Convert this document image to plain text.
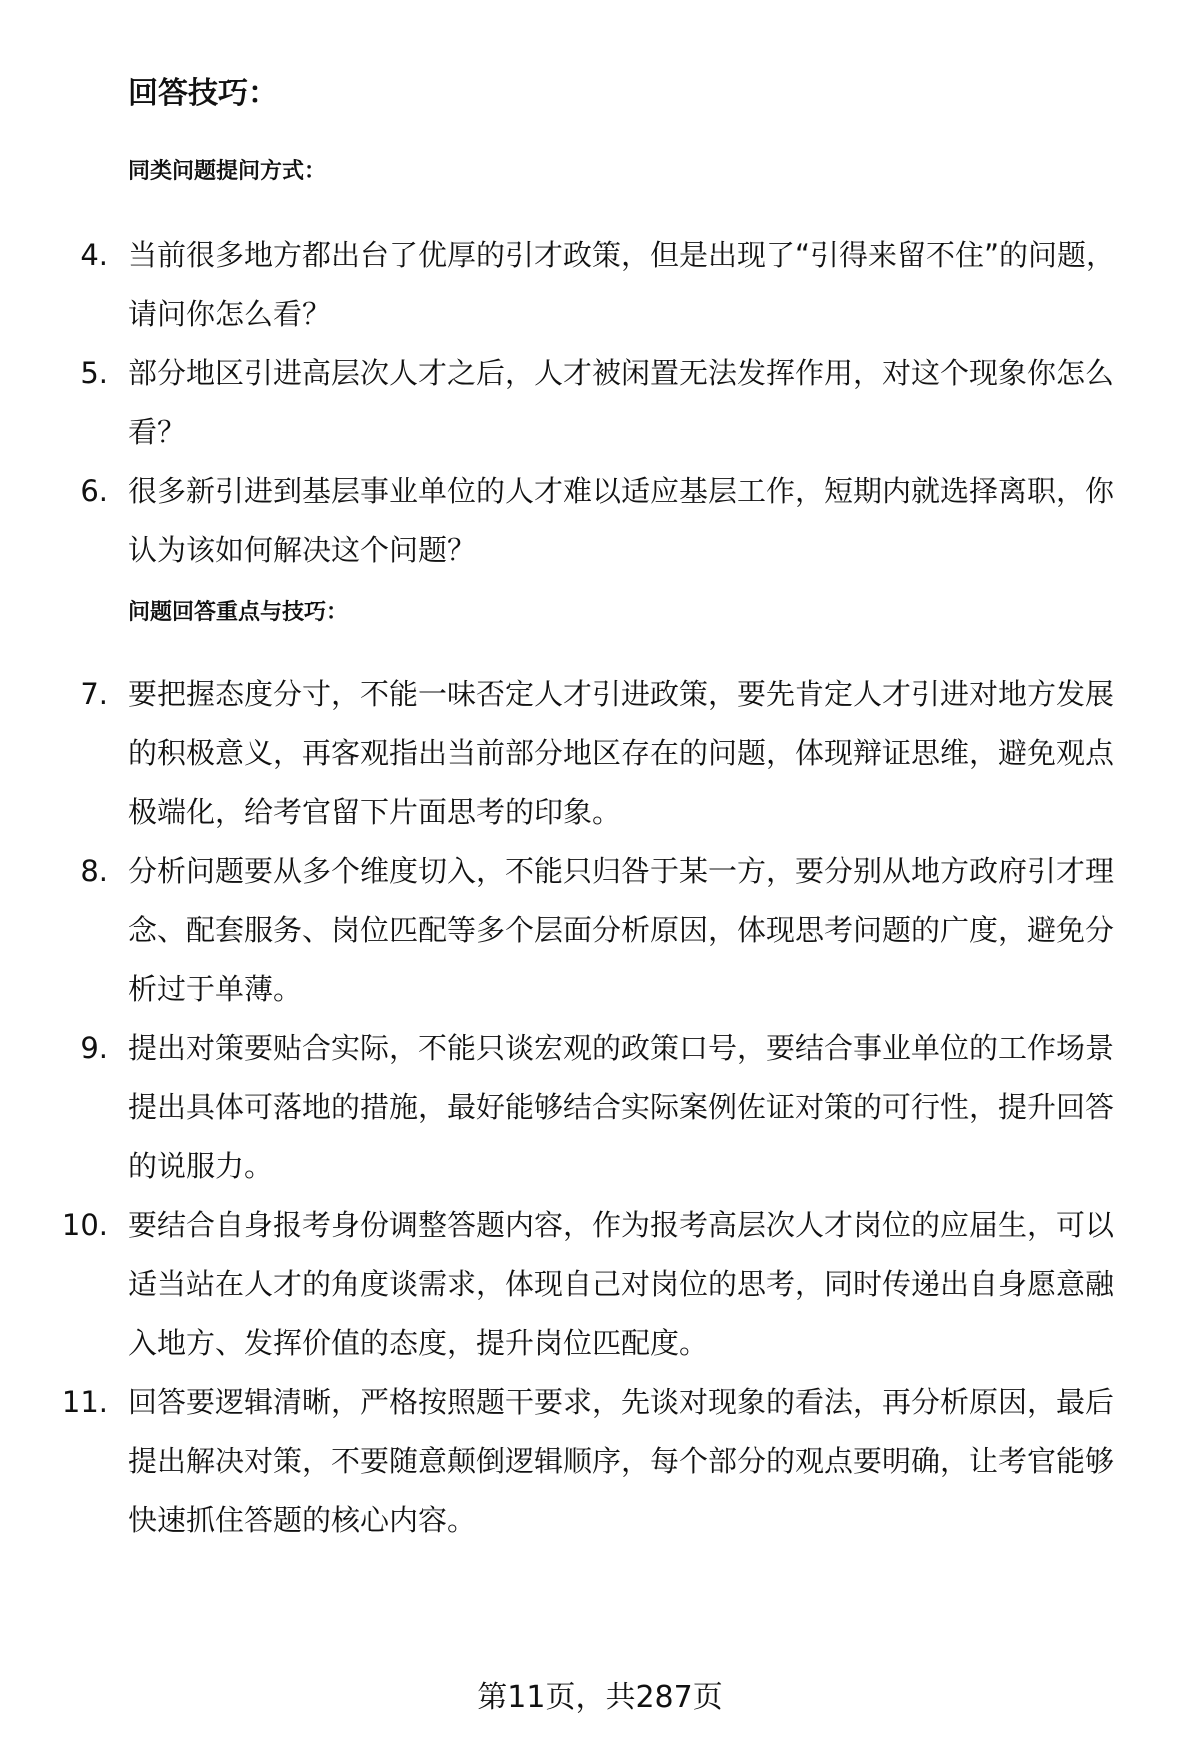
回答技巧：
同类问题提问方式：
4. 当前很多地方都出台了优厚的引才政策，但是出现了“引得来留不住”的问题，请问你怎么看？
5. 部分地区引进高层次人才之后，人才被闲置无法发挥作用，对这个现象你怎么看？
6. 很多新引进到基层事业单位的人才难以适应基层工作，短期内就选择离职，你认为该如何解决这个问题？
问题回答重点与技巧：
7. 要把握态度分寸，不能一味否定人才引进政策，要先肯定人才引进对地方发展的积极意义，再客观指出当前部分地区存在的问题，体现辩证思维，避免观点极端化，给考官留下片面思考的印象。
8. 分析问题要从多个维度切入，不能只归咎于某一方，要分别从地方政府引才理念、配套服务、岗位匹配等多个层面分析原因，体现思考问题的广度，避免分析过于单薄。
9. 提出对策要贴合实际，不能只谈宏观的政策口号，要结合事业单位的工作场景提出具体可落地的措施，最好能够结合实际案例佐证对策的可行性，提升回答的说服力。
10. 要结合自身报考身份调整答题内容，作为报考高层次人才岗位的应届生，可以适当站在人才的角度谈需求，体现自己对岗位的思考，同时传递出自身愿意融入地方、发挥价值的态度，提升岗位匹配度。
11. 回答要逻辑清晰，严格按照题干要求，先谈对现象的看法，再分析原因，最后提出解决对策，不要随意颠倒逻辑顺序，每个部分的观点要明确，让考官能够快速抓住答题的核心内容。
第11页，共287页
